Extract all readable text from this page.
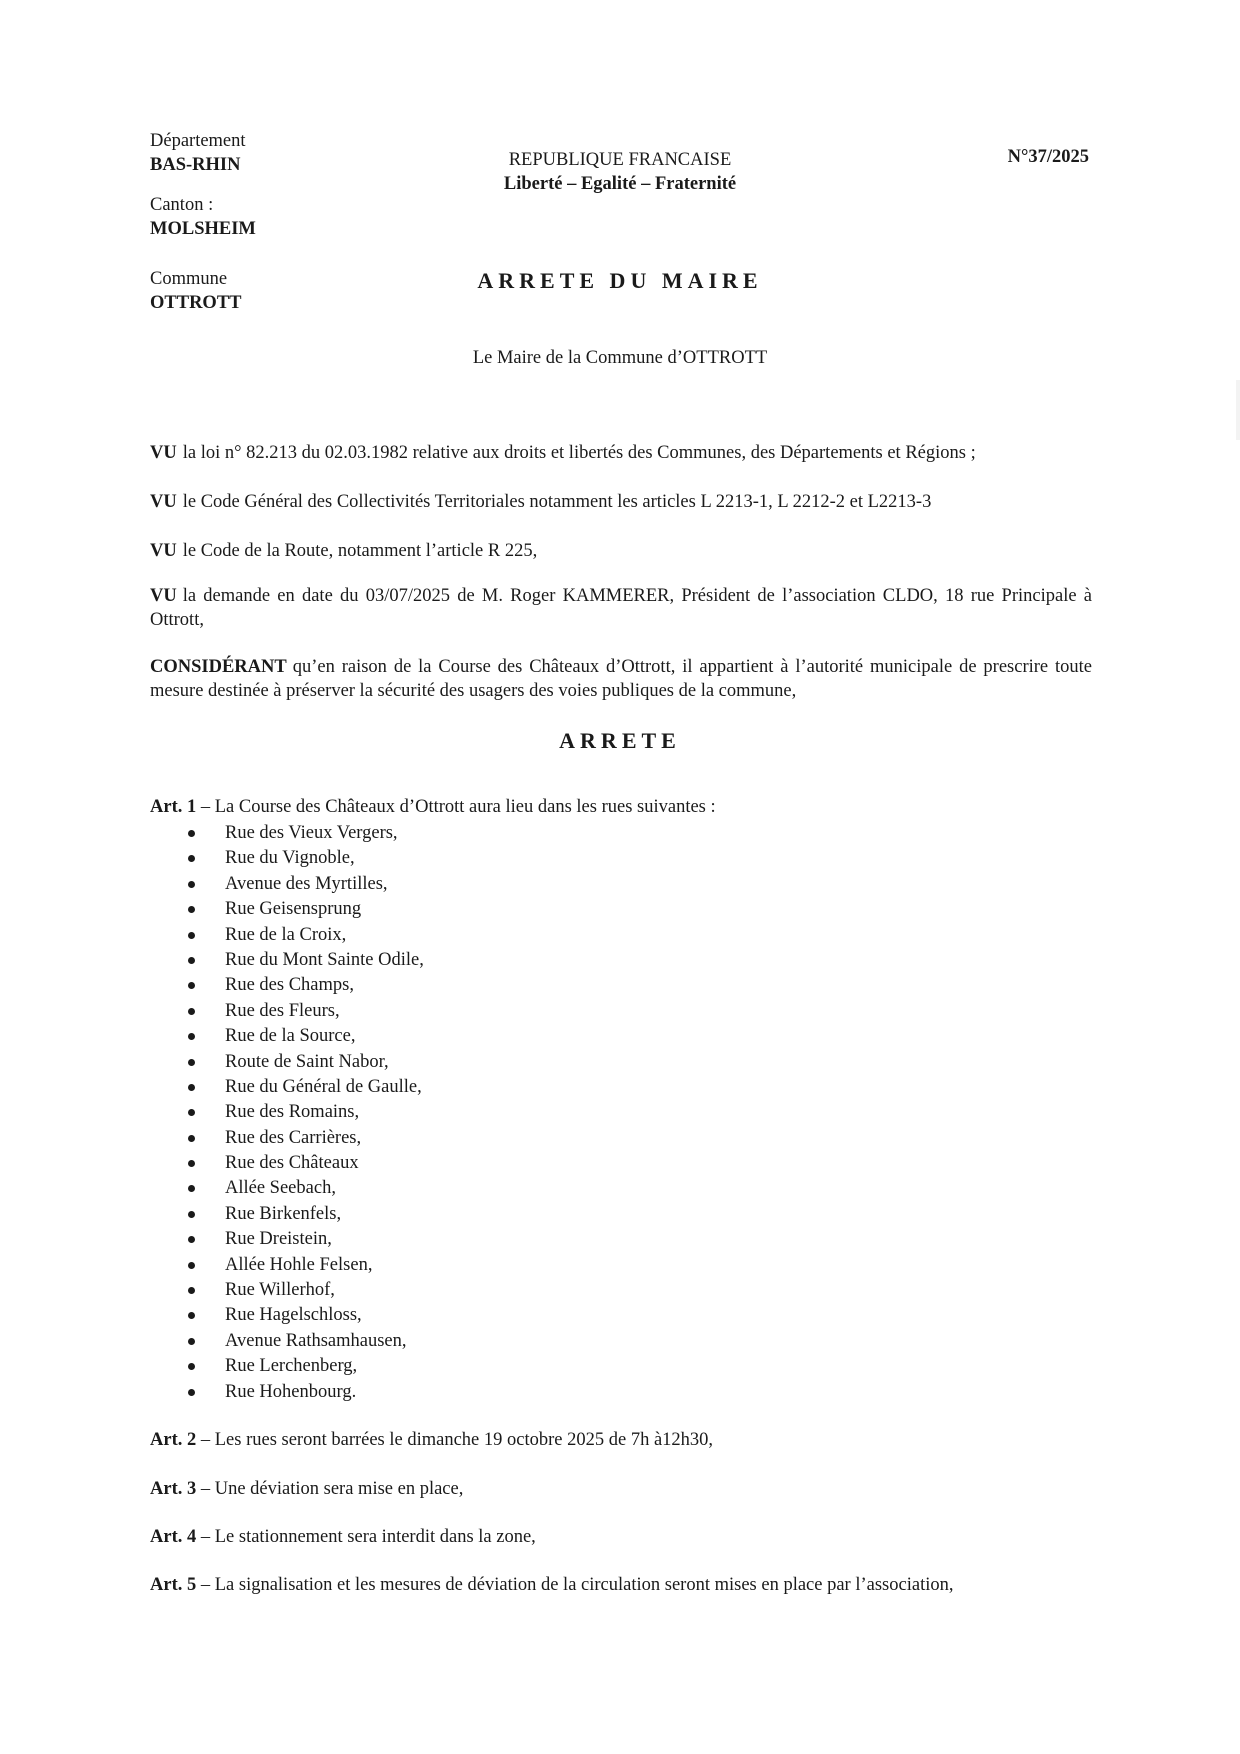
Département
BAS-RHIN
Canton :
MOLSHEIM
Commune
OTTROTT
REPUBLIQUE FRANCAISE
Liberté – Egalité – Fraternité
N°37/2025
ARRETE DU MAIRE
Le Maire de la Commune d’OTTROTT
VU la loi n° 82.213 du 02.03.1982 relative aux droits et libertés des Communes, des Départements et Régions ;
VU le Code Général des Collectivités Territoriales notamment les articles L 2213-1, L 2212-2 et L2213-3
VU le Code de la Route, notamment l’article R 225,
VU la demande en date du 03/07/2025 de M. Roger KAMMERER, Président de l’association CLDO, 18 rue Principale à Ottrott,
CONSIDÉRANT qu’en raison de la Course des Châteaux d’Ottrott, il appartient à l’autorité municipale de prescrire toute mesure destinée à préserver la sécurité des usagers des voies publiques de la commune,
ARRETE
Art. 1 – La Course des Châteaux d’Ottrott aura lieu dans les rues suivantes :
Rue des Vieux Vergers,
Rue du Vignoble,
Avenue des Myrtilles,
Rue Geisensprung
Rue de la Croix,
Rue du Mont Sainte Odile,
Rue des Champs,
Rue des Fleurs,
Rue de la Source,
Route de Saint Nabor,
Rue du Général de Gaulle,
Rue des Romains,
Rue des Carrières,
Rue des Châteaux
Allée Seebach,
Rue Birkenfels,
Rue Dreistein,
Allée Hohle Felsen,
Rue Willerhof,
Rue Hagelschloss,
Avenue Rathsamhausen,
Rue Lerchenberg,
Rue Hohenbourg.
Art. 2 – Les rues seront barrées le dimanche 19 octobre 2025 de 7h à12h30,
Art. 3 – Une déviation sera mise en place,
Art. 4 – Le stationnement sera interdit dans la zone,
Art. 5 – La signalisation et les mesures de déviation de la circulation seront mises en place par l’association,
